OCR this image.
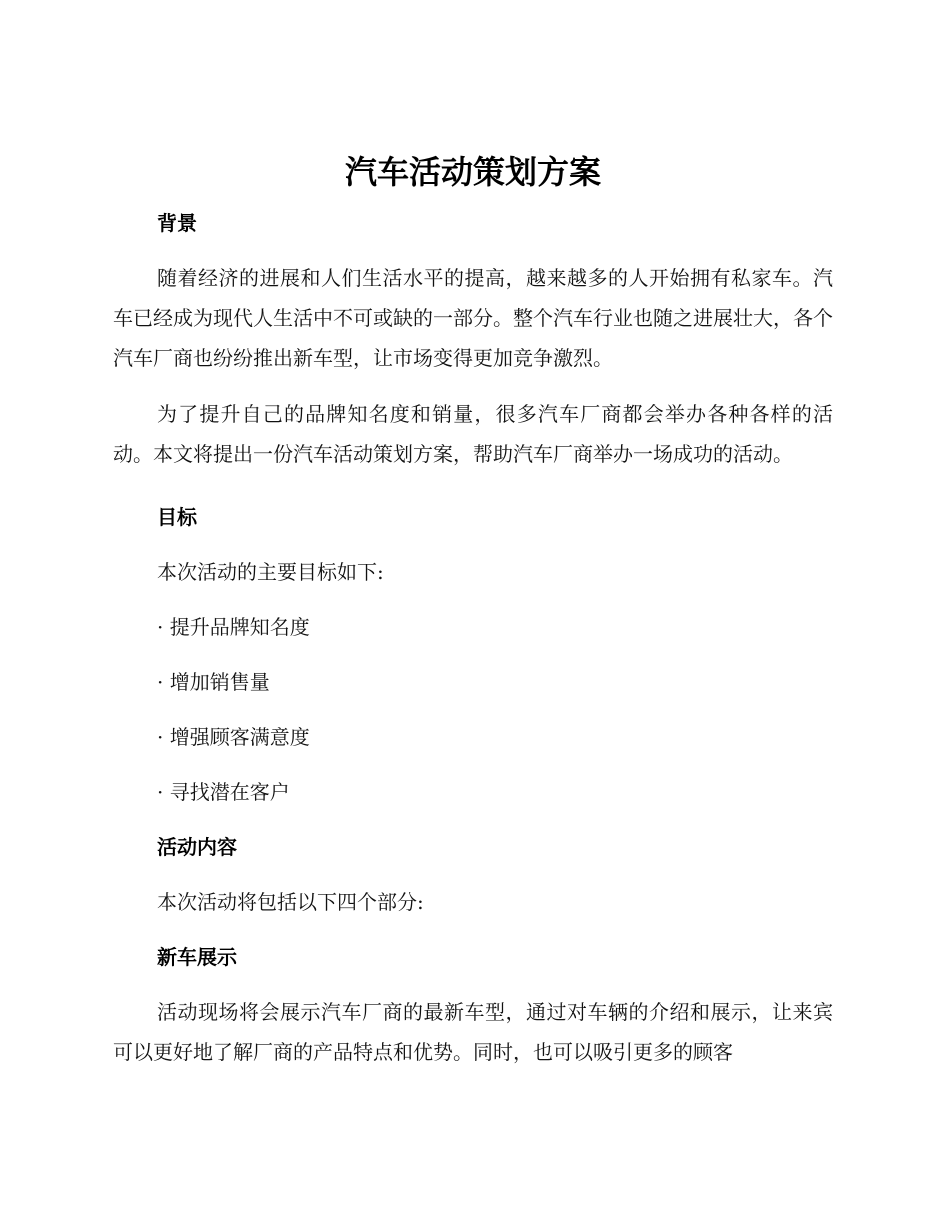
汽车活动策划方案

背景

随着经济的进展和人们生活水平的提高，越来越多的人开始拥有私家车。汽车已经成为现代人生活中不可或缺的一部分。整个汽车行业也随之进展壮大，各个汽车厂商也纷纷推出新车型，让市场变得更加竞争激烈。

为了提升自己的品牌知名度和销量，很多汽车厂商都会举办各种各样的活动。本文将提出一份汽车活动策划方案，帮助汽车厂商举办一场成功的活动。

目标

本次活动的主要目标如下:

· 提升品牌知名度

· 增加销售量

· 增强顾客满意度

· 寻找潜在客户

活动内容

本次活动将包括以下四个部分:

新车展示

活动现场将会展示汽车厂商的最新车型，通过对车辆的介绍和展示，让来宾可以更好地了解厂商的产品特点和优势。同时，也可以吸引更多的顾客
